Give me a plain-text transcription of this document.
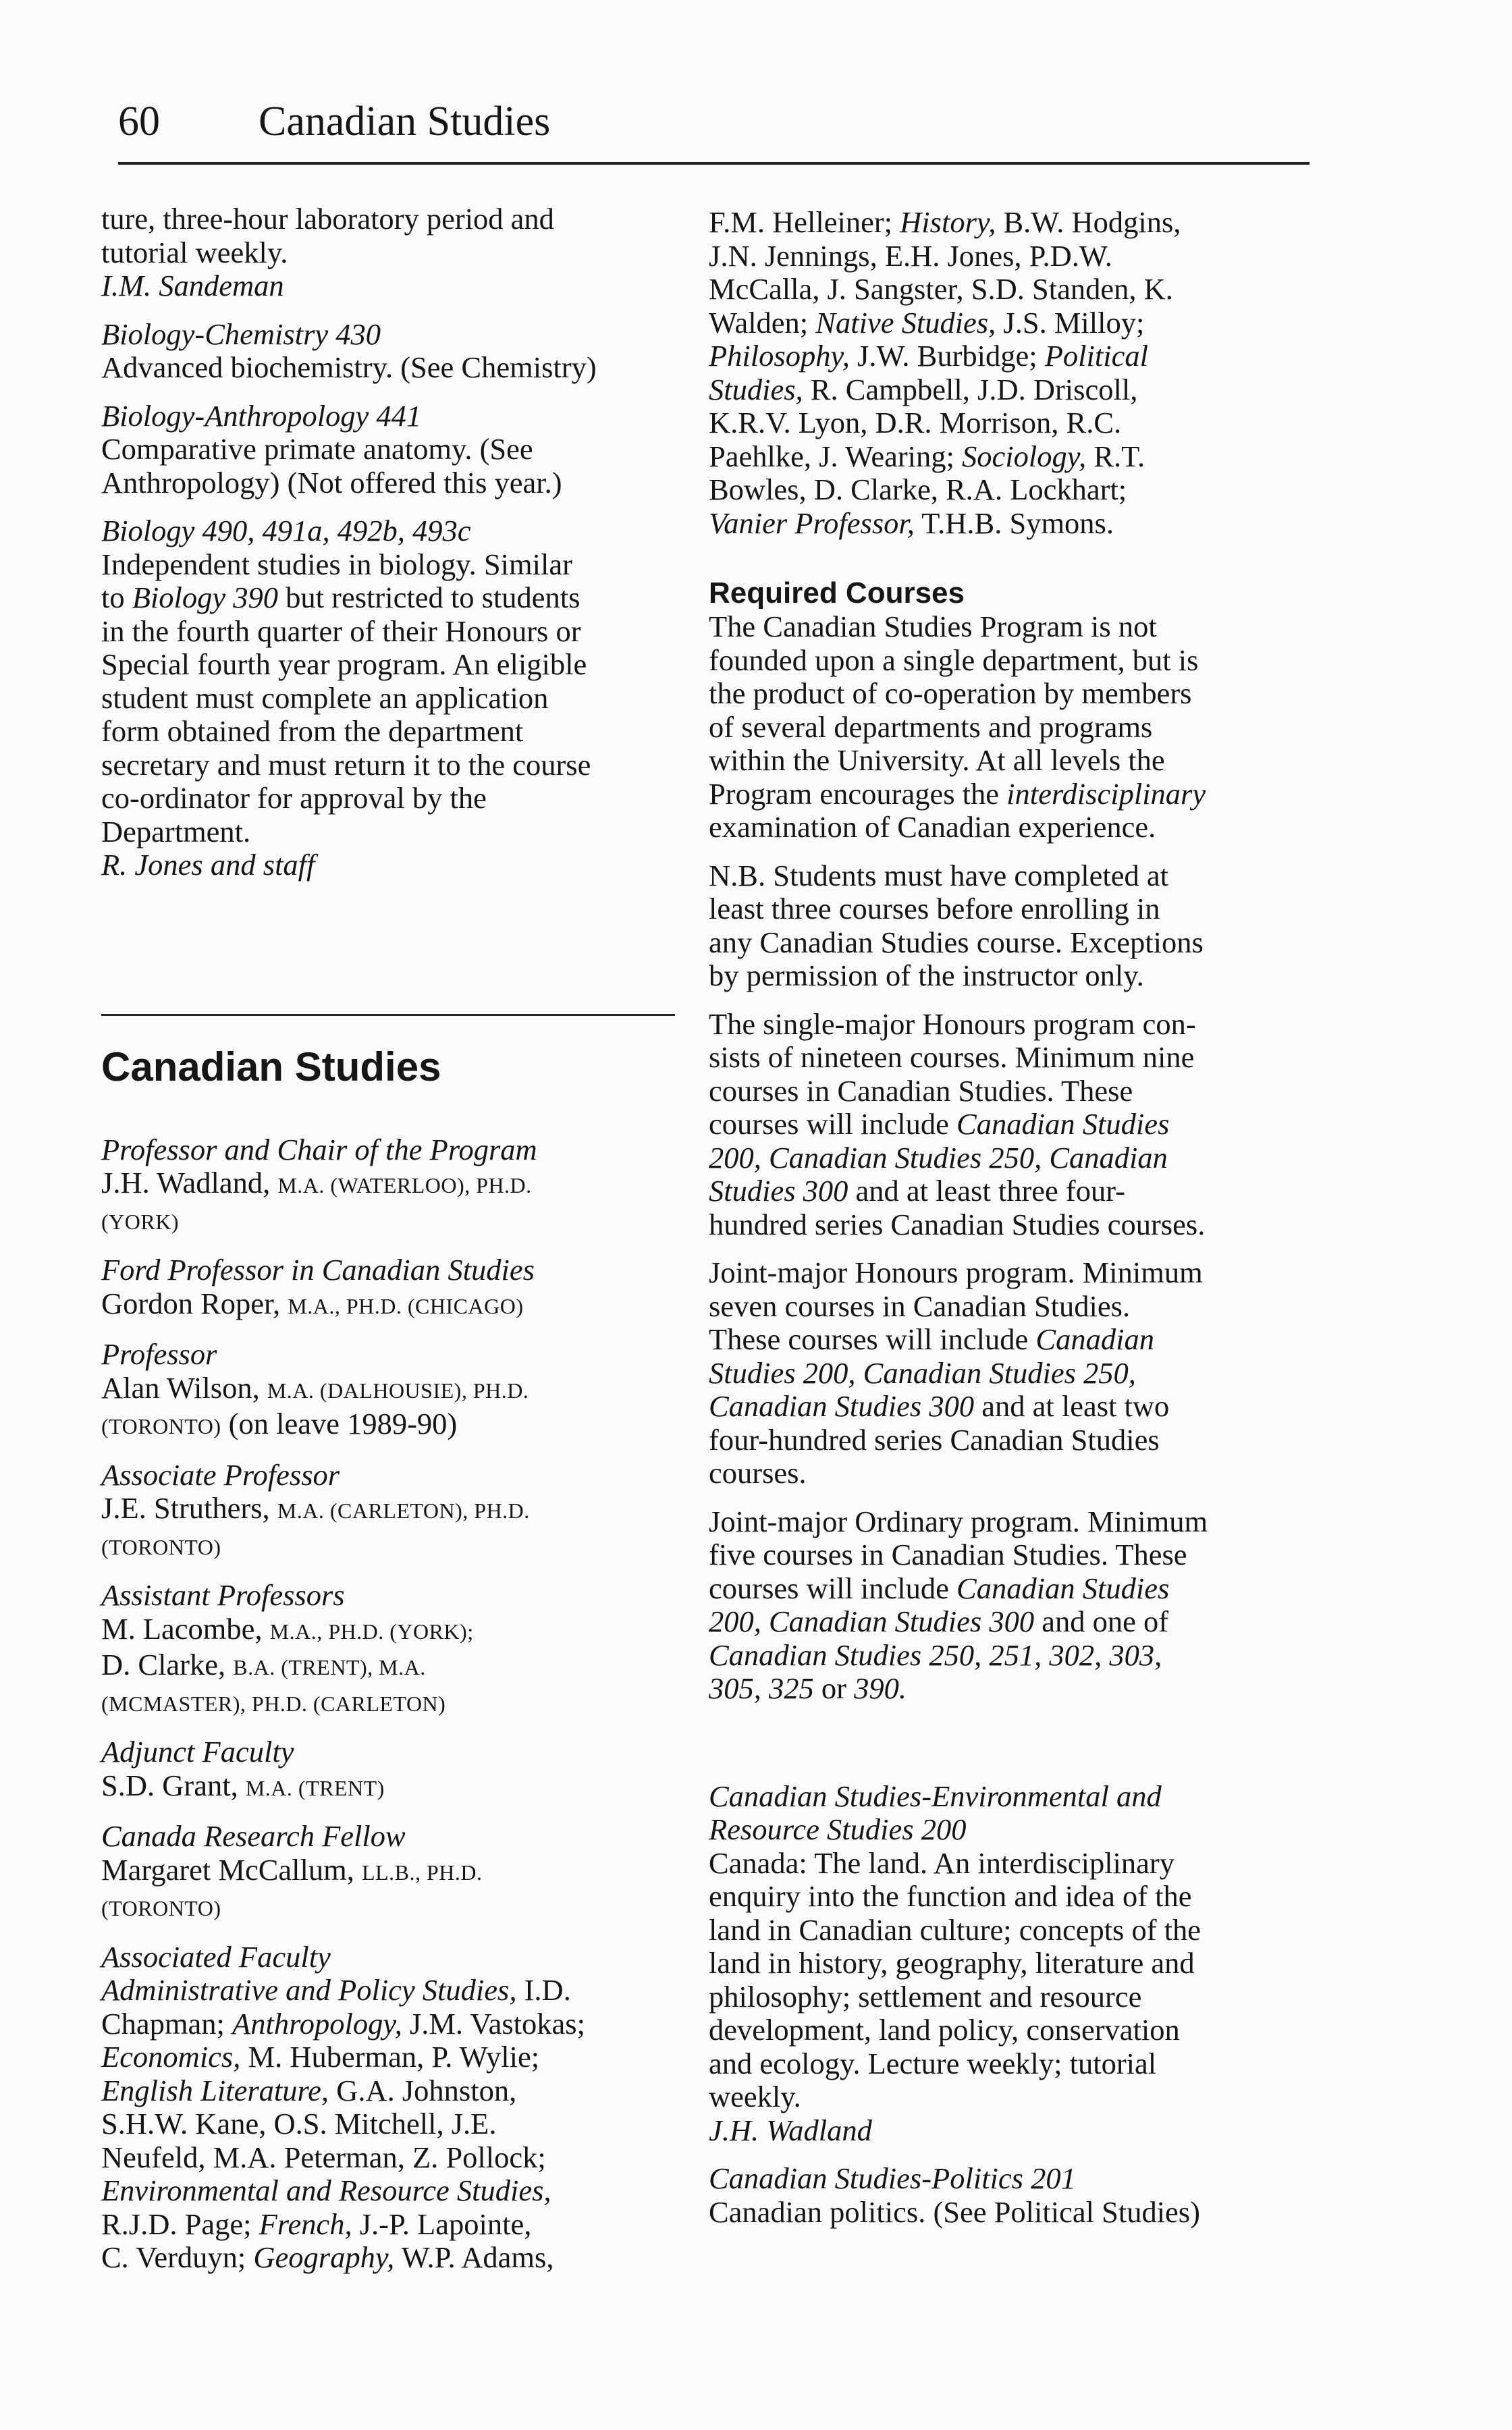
60 Canadian Studies

ture, three-hour laboratory period and
tutorial weekly.
I.M. Sandeman

Biology-Chemistry 430
Advanced biochemistry. (See Chemistry)

Biology-Anthropology 441
Comparative primate anatomy. (See
Anthropology) (Not offered this year.)

Biology 490, 491a, 492b, 493c
Independent studies in biology. Similar
to Biology 390 but restricted to students
in the fourth quarter of their Honours or
Special fourth year program. An eligible
student must complete an application
form obtained from the department
secretary and must return it to the course
co-ordinator for approval by the
Department.
R. Jones and staff

Canadian Studies

Professor and Chair of the Program
J.H. Wadland, M.A. (WATERLOO), PH.D.
(YORK)

Ford Professor in Canadian Studies
Gordon Roper, M.A., PH.D. (CHICAGO)

Professor
Alan Wilson, M.A. (DALHOUSIE), PH.D.
(TORONTO) (on leave 1989-90)

Associate Professor
J.E. Struthers, M.A. (CARLETON), PH.D.
(TORONTO)

Assistant Professors
M. Lacombe, M.A., PH.D. (YORK);
D. Clarke, B.A. (TRENT), M.A.
(MCMASTER), PH.D. (CARLETON)

Adjunct Faculty
S.D. Grant, M.A. (TRENT)

Canada Research Fellow
Margaret McCallum, LL.B., PH.D.
(TORONTO)

Associated Faculty
Administrative and Policy Studies, I.D.
Chapman; Anthropology, J.M. Vastokas;
Economics, M. Huberman, P. Wylie;
English Literature, G.A. Johnston,
S.H.W. Kane, O.S. Mitchell, J.E.
Neufeld, M.A. Peterman, Z. Pollock;
Environmental and Resource Studies,
R.J.D. Page; French, J.-P. Lapointe,
C. Verduyn; Geography, W.P. Adams,

F.M. Helleiner; History, B.W. Hodgins,
J.N. Jennings, E.H. Jones, P.D.W.
McCalla, J. Sangster, S.D. Standen, K.
Walden; Native Studies, J.S. Milloy;
Philosophy, J.W. Burbidge; Political
Studies, R. Campbell, J.D. Driscoll,
K.R.V. Lyon, D.R. Morrison, R.C.
Paehlke, J. Wearing; Sociology, R.T.
Bowles, D. Clarke, R.A. Lockhart;
Vanier Professor, T.H.B. Symons.

Required Courses

The Canadian Studies Program is not
founded upon a single department, but is
the product of co-operation by members
of several departments and programs
within the University. At all levels the
Program encourages the interdisciplinary
examination of Canadian experience.

N.B. Students must have completed at
least three courses before enrolling in
any Canadian Studies course. Exceptions
by permission of the instructor only.

The single-major Honours program con-
sists of nineteen courses. Minimum nine
courses in Canadian Studies. These
courses will include Canadian Studies
200, Canadian Studies 250, Canadian
Studies 300 and at least three four-
hundred series Canadian Studies courses.

Joint-major Honours program. Minimum
seven courses in Canadian Studies.
These courses will include Canadian
Studies 200, Canadian Studies 250,
Canadian Studies 300 and at least two
four-hundred series Canadian Studies
courses.

Joint-major Ordinary program. Minimum
five courses in Canadian Studies. These
courses will include Canadian Studies
200, Canadian Studies 300 and one of
Canadian Studies 250, 251, 302, 303,
305, 325 or 390.

Canadian Studies-Environmental and
Resource Studies 200
Canada: The land. An interdisciplinary
enquiry into the function and idea of the
land in Canadian culture; concepts of the
land in history, geography, literature and
philosophy; settlement and resource
development, land policy, conservation
and ecology. Lecture weekly; tutorial
weekly.
J.H. Wadland

Canadian Studies-Politics 201
Canadian politics. (See Political Studies)
